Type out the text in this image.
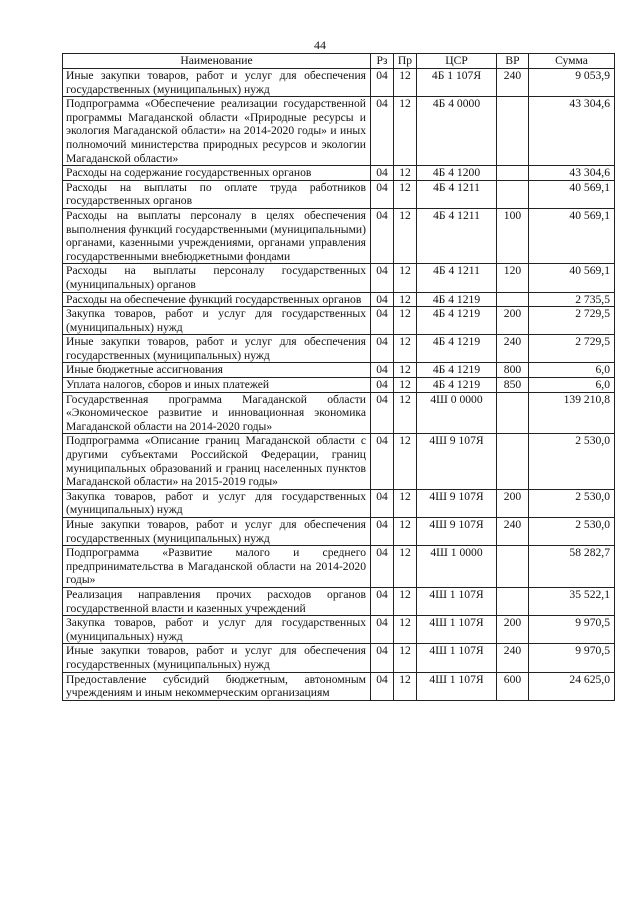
44
Наименование	Рз	Пр	ЦСР	ВР	Сумма
Иные закупки товаров, работ и услуг для обеспечения государственных (муниципальных) нужд	04	12	4Б 1 107Я	240	9 053,9
Подпрограмма «Обеспечение реализации государственной программы Магаданской области «Природные ресурсы и экология Магаданской области» на 2014-2020 годы» и иных полномочий министерства природных ресурсов и экологии Магаданской области»	04	12	4Б 4 0000		43 304,6
Расходы на содержание государственных органов	04	12	4Б 4 1200		43 304,6
Расходы на выплаты по оплате труда работников государственных органов	04	12	4Б 4 1211		40 569,1
Расходы на выплаты персоналу в целях обеспечения выполнения функций государственными (муниципальными) органами, казенными учреждениями, органами управления государственными внебюджетными фондами	04	12	4Б 4 1211	100	40 569,1
Расходы на выплаты персоналу государственных (муниципальных) органов	04	12	4Б 4 1211	120	40 569,1
Расходы на обеспечение функций государственных органов	04	12	4Б 4 1219		2 735,5
Закупка товаров, работ и услуг для государственных (муниципальных) нужд	04	12	4Б 4 1219	200	2 729,5
Иные закупки товаров, работ и услуг для обеспечения государственных (муниципальных) нужд	04	12	4Б 4 1219	240	2 729,5
Иные бюджетные ассигнования	04	12	4Б 4 1219	800	6,0
Уплата налогов, сборов и иных платежей	04	12	4Б 4 1219	850	6,0
Государственная программа Магаданской области «Экономическое развитие и инновационная экономика Магаданской области на 2014-2020 годы»	04	12	4Ш 0 0000		139 210,8
Подпрограмма «Описание границ Магаданской области с другими субъектами Российской Федерации, границ муниципальных образований и границ населенных пунктов Магаданской области» на 2015-2019 годы»	04	12	4Ш 9 107Я		2 530,0
Закупка товаров, работ и услуг для государственных (муниципальных) нужд	04	12	4Ш 9 107Я	200	2 530,0
Иные закупки товаров, работ и услуг для обеспечения государственных (муниципальных) нужд	04	12	4Ш 9 107Я	240	2 530,0
Подпрограмма «Развитие малого и среднего предпринимательства в Магаданской области на 2014-2020 годы»	04	12	4Ш 1 0000		58 282,7
Реализация направления прочих расходов органов государственной власти и казенных учреждений	04	12	4Ш 1 107Я		35 522,1
Закупка товаров, работ и услуг для государственных (муниципальных) нужд	04	12	4Ш 1 107Я	200	9 970,5
Иные закупки товаров, работ и услуг для обеспечения государственных (муниципальных) нужд	04	12	4Ш 1 107Я	240	9 970,5
Предоставление субсидий бюджетным, автономным учреждениям и иным некоммерческим организациям	04	12	4Ш 1 107Я	600	24 625,0
